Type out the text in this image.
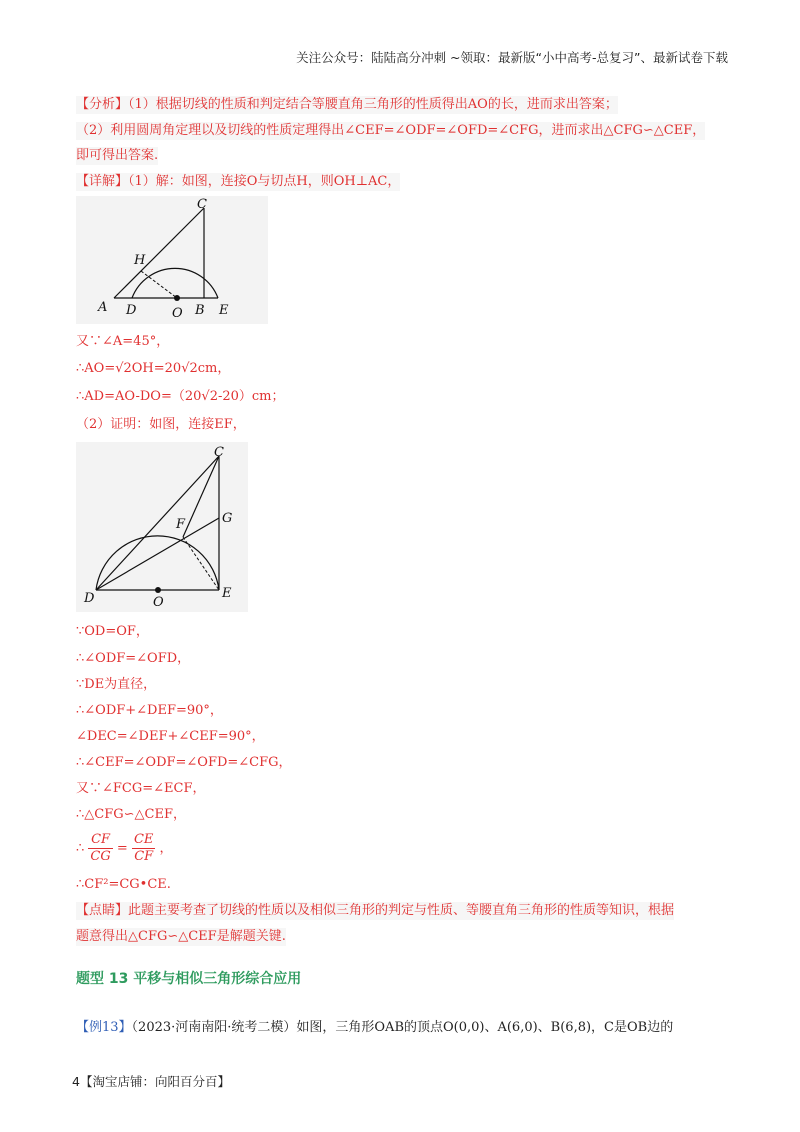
关注公众号：陆陆高分冲刺 ~领取：最新版“小中高考-总复习”、最新试卷下载
【分析】（1）根据切线的性质和判定结合等腰直角三角形的性质得出AO的长，进而求出答案；
（2）利用圆周角定理以及切线的性质定理得出∠CEF=∠ODF=∠OFD=∠CFG，进而求出△CFG∽△CEF，
即可得出答案.
【详解】（1）解：如图，连接O与切点H，则OH⊥AC，
C
H
A D	O B E
又∵∠A=45°，
∴AO=√2OH=20√2cm，
∴AD=AO-DO=（20√2-20）cm；
（2）证明：如图，连接EF，
C
F	G
D	O
E
∵OD=OF，
∴∠ODF=∠OFD，
∵DE为直径，
∴∠ODF+∠DEF=90°，
∠DEC=∠DEF+∠CEF=90°，
∴∠CEF=∠ODF=∠OFD=∠CFG，
又∵∠FCG=∠ECF，
∴△CFG∽△CEF，
∴ $\frac{CF}{CG} = \frac{CE}{CF}$ ，
∴CF²=CG•CE.
【点睛】此题主要考查了切线的性质以及相似三角形的判定与性质、等腰直角三角形的性质等知识，根据
题意得出△CFG∽△CEF是解题关键.
题型 13 平移与相似三角形综合应用
【例13】（2023·河南南阳·统考二模）如图，三角形OAB的顶点O(0,0)、A(6,0)、B(6,8)，C是OB边的
4【淘宝店铺：向阳百分百】
